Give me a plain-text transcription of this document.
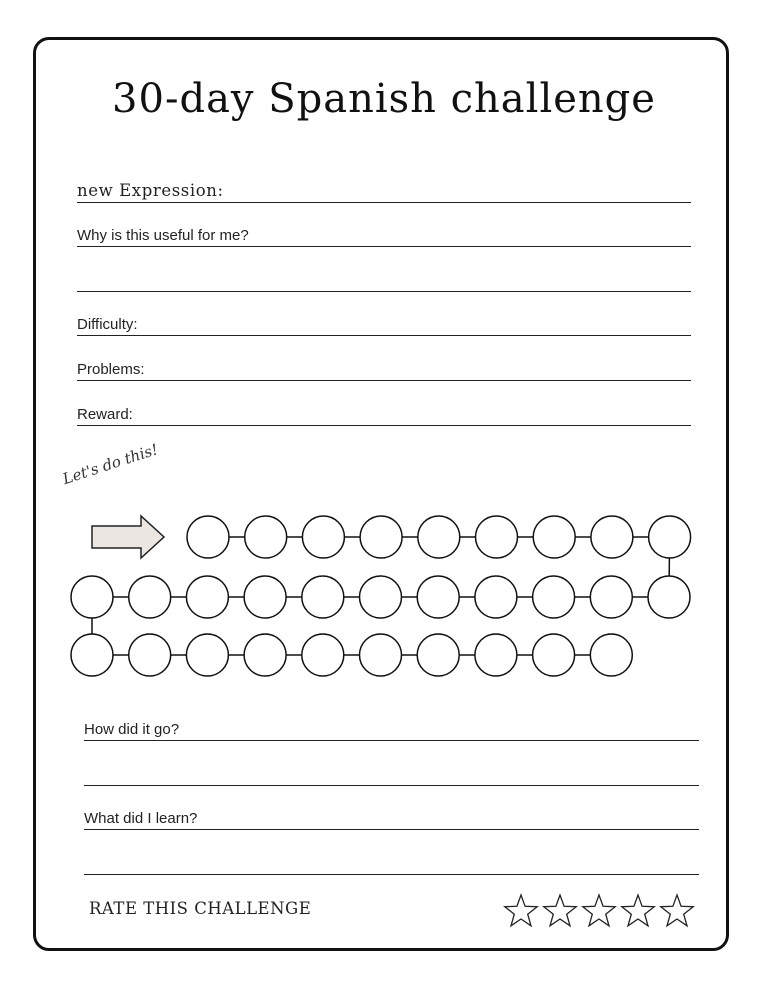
30-day Spanish challenge
new Expression:
Why is this useful for me?
Difficulty:
Problems:
Reward:
Let's do this!
How did it go?
What did I learn?
RATE THIS CHALLENGE
